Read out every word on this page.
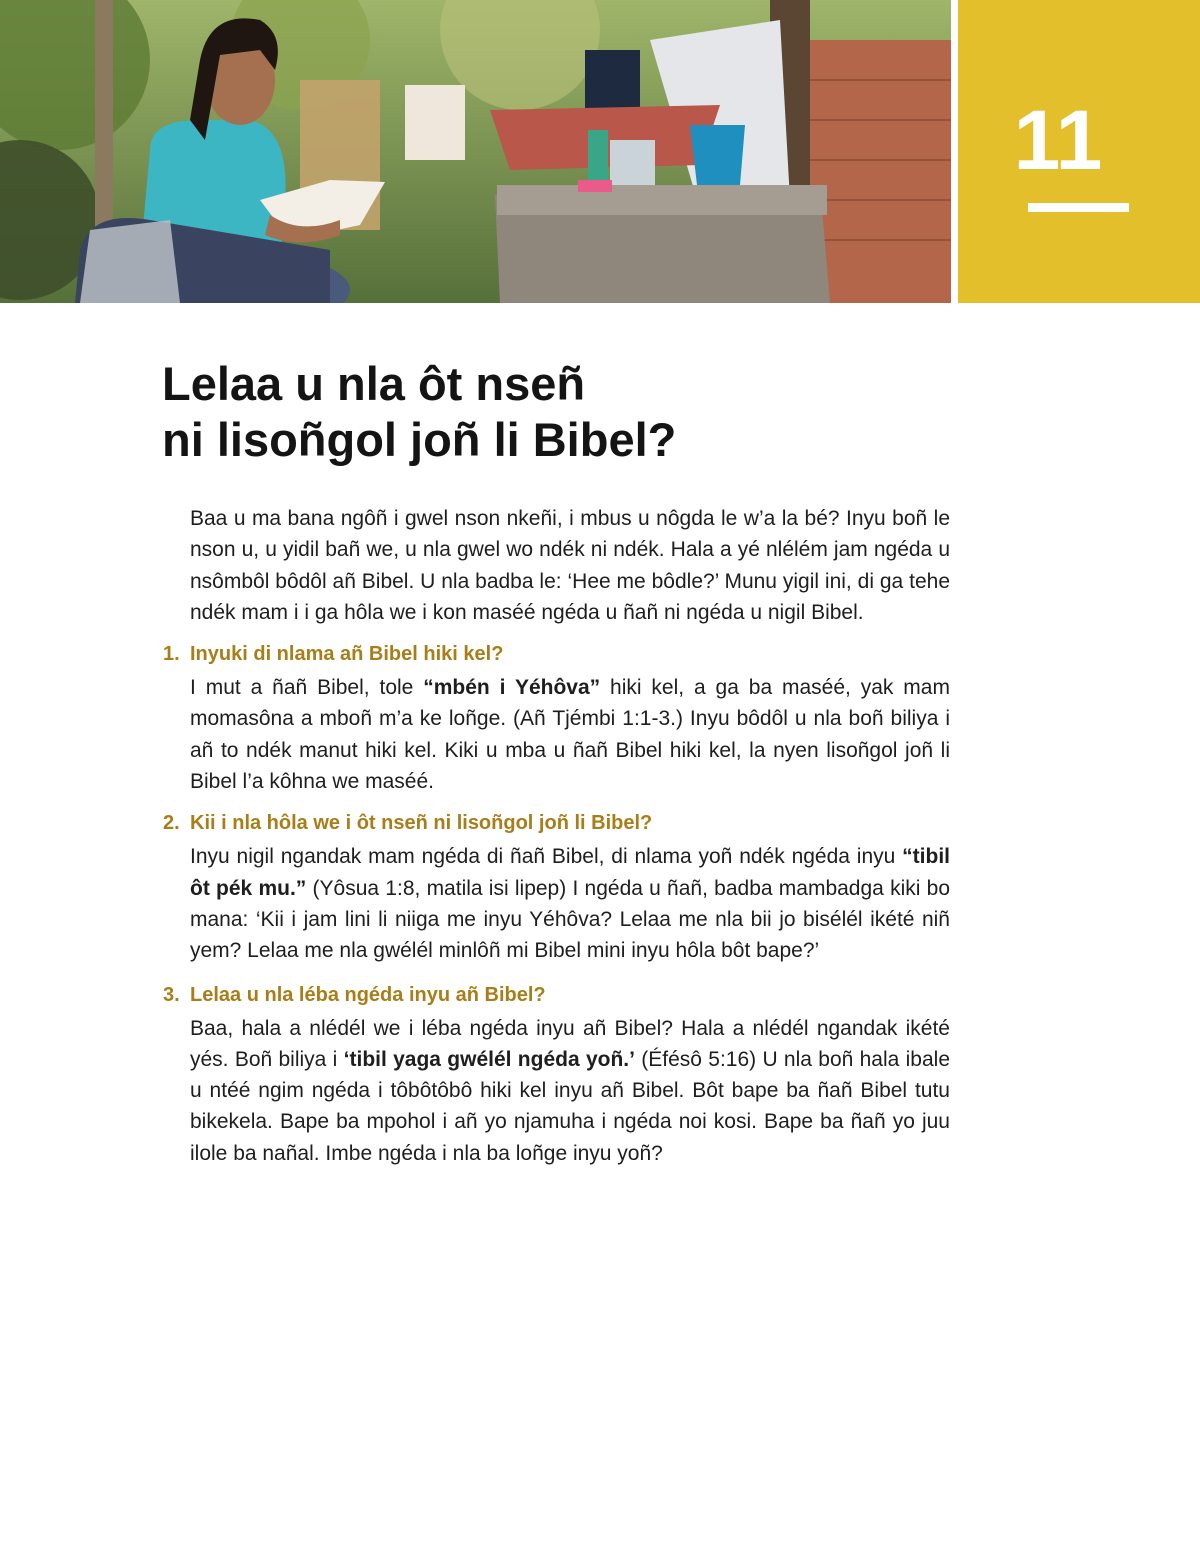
11
Lelaa u nla ôt nseñ
ni lisoñgol joñ li Bibel?

Baa u ma bana ngôñ i gwel nson nkeñi, i mbus u nôgda le w’a la bé? Inyu boñ le nson u, u yidil bañ we, u nla gwel wo ndék ni ndék. Hala a yé nlélém jam ngéda u nsômbôl bôdôl añ Bibel. U nla badba le: ‘Hee me bôdle?’ Munu yigil ini, di ga tehe ndék mam i i ga hôla we i kon maséé ngéda u ñañ ni ngéda u nigil Bibel.

1. Inyuki di nlama añ Bibel hiki kel?

I mut a ñañ Bibel, tole “mbén i Yéhôva” hiki kel, a ga ba maséé, yak mam momasôna a mboñ m’a ke loñge. (Añ Tjémbi 1:1-3.) Inyu bôdôl u nla boñ biliya i añ to ndék manut hiki kel. Kiki u mba u ñañ Bibel hiki kel, la nyen lisoñgol joñ li Bibel l’a kôhna we maséé.

2. Kii i nla hôla we i ôt nseñ ni lisoñgol joñ li Bibel?

Inyu nigil ngandak mam ngéda di ñañ Bibel, di nlama yoñ ndék ngéda inyu “tibil ôt pék mu.” (Yôsua 1:8, matila isi lipep) I ngéda u ñañ, badba mambadga kiki bo mana: ‘Kii i jam lini li niiga me inyu Yéhôva? Lelaa me nla bii jo bisélél ikété niñ yem? Lelaa me nla gwélél minlôñ mi Bibel mini inyu hôla bôt bape?’

3. Lelaa u nla léba ngéda inyu añ Bibel?

Baa, hala a nlédél we i léba ngéda inyu añ Bibel? Hala a nlédél ngandak ikété yés. Boñ biliya i ‘tibil yaga gwélél ngéda yoñ.’ (Éfésô 5:16) U nla boñ hala ibale u ntéé ngim ngéda i tôbôtôbô hiki kel inyu añ Bibel. Bôt bape ba ñañ Bibel tutu bikekela. Bape ba mpohol i añ yo njamuha i ngéda noi kosi. Bape ba ñañ yo juu ilole ba nañal. Imbe ngéda i nla ba loñge inyu yoñ?
